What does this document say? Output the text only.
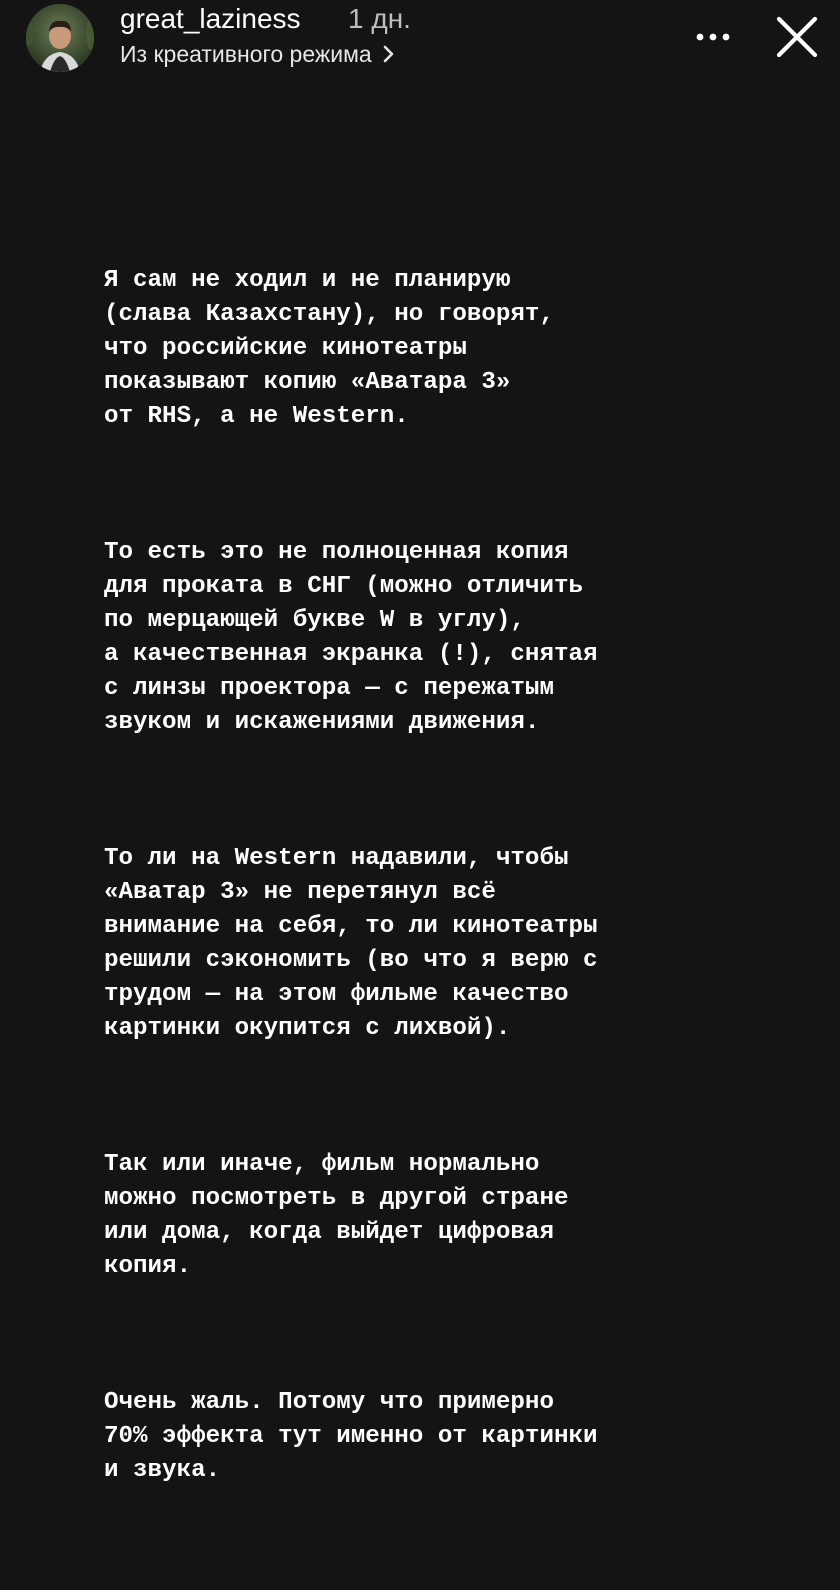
great_laziness 1 дн.
Из креативного режима

Я сам не ходил и не планирую
(слава Казахстану), но говорят,
что российские кинотеатры
показывают копию «Аватара 3»
от RHS, а не Western.

То есть это не полноценная копия
для проката в СНГ (можно отличить
по мерцающей букве W в углу),
а качественная экранка (!), снятая
с линзы проектора — с пережатым
звуком и искажениями движения.

То ли на Western надавили, чтобы
«Аватар 3» не перетянул всё
внимание на себя, то ли кинотеатры
решили сэкономить (во что я верю с
трудом — на этом фильме качество
картинки окупится с лихвой).

Так или иначе, фильм нормально
можно посмотреть в другой стране
или дома, когда выйдет цифровая
копия.

Очень жаль. Потому что примерно
70% эффекта тут именно от картинки
и звука.
